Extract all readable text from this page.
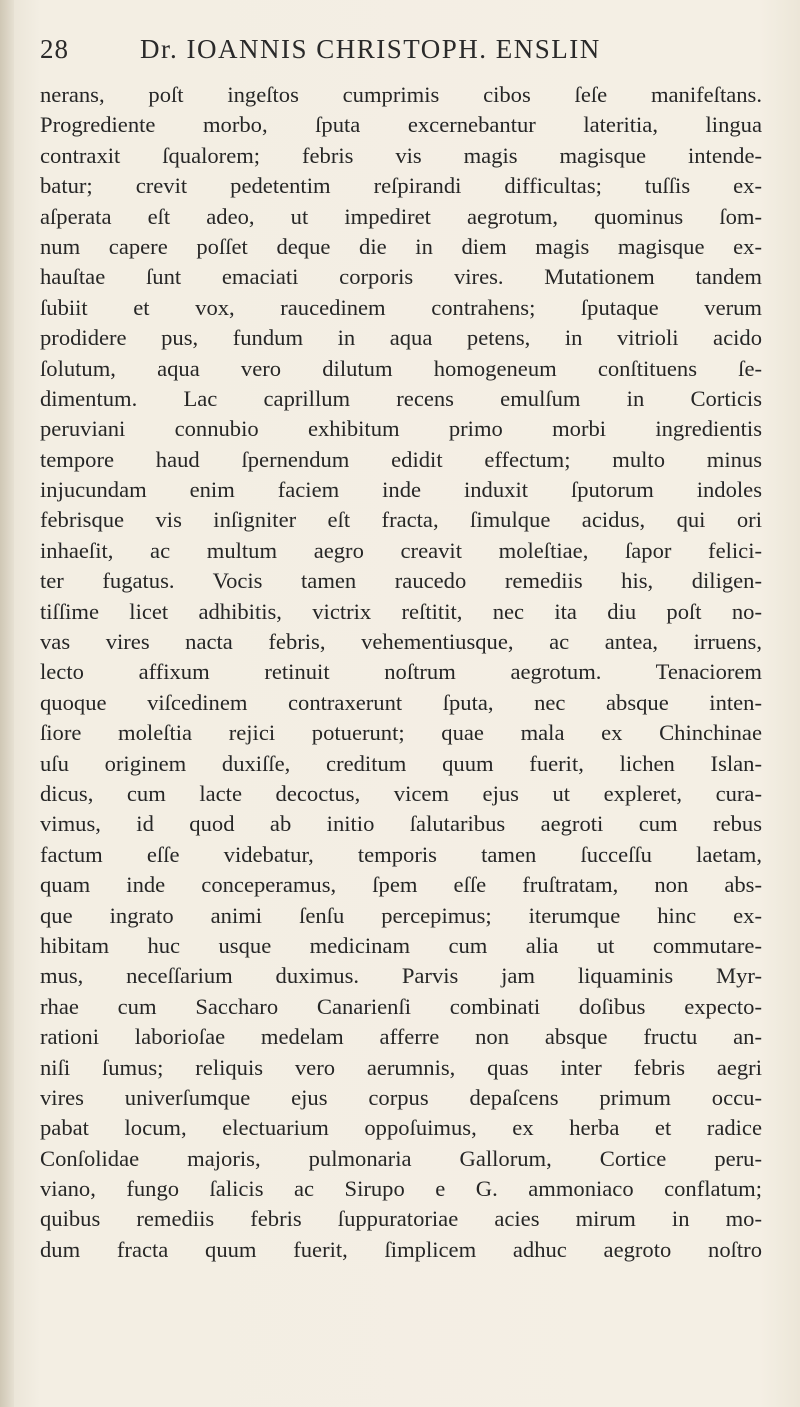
28	Dr. IOANNIS CHRISTOPH. ENSLIN
nerans, poſt ingeſtos cumprimis cibos ſeſe manifeſtans.
Progrediente morbo, ſputa excernebantur lateritia, lingua
contraxit ſqualorem; febris vis magis magisque intende-
batur; crevit pedetentim reſpirandi difficultas; tuſſis ex-
aſperata eſt adeo, ut impediret aegrotum, quominus ſom-
num capere poſſet deque die in diem magis magisque ex-
hauſtae ſunt emaciati corporis vires. Mutationem tandem
ſubiit et vox, raucedinem contrahens; ſputaque verum
prodidere pus, fundum in aqua petens, in vitrioli acido
ſolutum, aqua vero dilutum homogeneum conſtituens ſe-
dimentum. Lac caprillum recens emulſum in Corticis
peruviani connubio exhibitum primo morbi ingredientis
tempore haud ſpernendum edidit effectum; multo minus
injucundam enim faciem inde induxit ſputorum indoles
febrisque vis inſigniter eſt fracta, ſimulque acidus, qui ori
inhaeſit, ac multum aegro creavit moleſtiae, ſapor felici-
ter fugatus. Vocis tamen raucedo remediis his, diligen-
tiſſime licet adhibitis, victrix reſtitit, nec ita diu poſt no-
vas vires nacta febris, vehementiusque, ac antea, irruens,
lecto affixum retinuit noſtrum aegrotum. Tenaciorem
quoque viſcedinem contraxerunt ſputa, nec absque inten-
ſiore moleſtia rejici potuerunt; quae mala ex Chinchinae
uſu originem duxiſſe, creditum quum fuerit, lichen Islan-
dicus, cum lacte decoctus, vicem ejus ut expleret, cura-
vimus, id quod ab initio ſalutaribus aegroti cum rebus
factum eſſe videbatur, temporis tamen ſucceſſu laetam,
quam inde conceperamus, ſpem eſſe fruſtratam, non abs-
que ingrato animi ſenſu percepimus; iterumque hinc ex-
hibitam huc usque medicinam cum alia ut commutare-
mus, neceſſarium duximus. Parvis jam liquaminis Myr-
rhae cum Saccharo Canarienſi combinati doſibus expecto-
rationi laborioſae medelam afferre non absque fructu an-
niſi ſumus; reliquis vero aerumnis, quas inter febris aegri
vires univerſumque ejus corpus depaſcens primum occu-
pabat locum, electuarium oppoſuimus, ex herba et radice
Conſolidae majoris, pulmonaria Gallorum, Cortice peru-
viano, fungo ſalicis ac Sirupo e G. ammoniaco conflatum;
quibus remediis febris ſuppuratoriae acies mirum in mo-
dum fracta quum fuerit, ſimplicem adhuc aegroto noſtro
